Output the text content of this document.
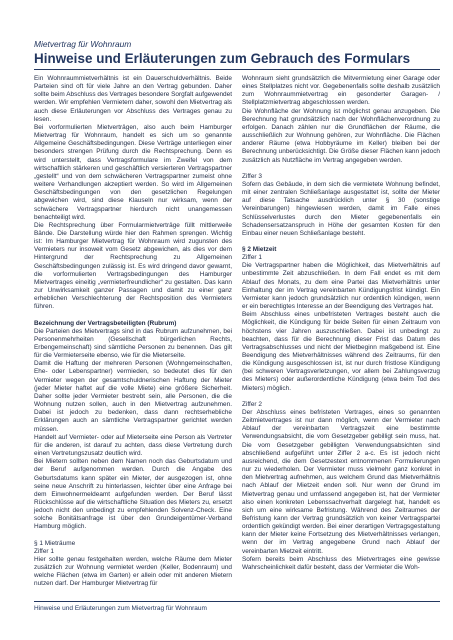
Mietvertrag für Wohnraum
Hinweise und Erläuterungen zum Gebrauch des Formulars

Ein Wohnraummietverhältnis ist ein Dauerschuldverhältnis. Beide Parteien sind oft für viele Jahre an den Vertrag gebunden. Daher sollte beim Abschluss des Vertrages besondere Sorgfalt aufgewendet werden. Wir empfehlen Vermietern daher, sowohl den Mietvertrag als auch diese Erläuterungen vor Abschluss des Vertrages genau zu lesen.

Bei vorformulierten Mietverträgen, also auch beim Hamburger Mietvertrag für Wohnraum, handelt es sich um so genannte Allgemeine Geschäftsbedingungen. Diese Verträge unterliegen einer besonders strengen Prüfung durch die Rechtsprechung. Denn es wird unterstellt, dass Vertragsformulare im Zweifel von dem wirtschaftlich stärkeren und geschäftlich versierteren Vertragspartner „gestellt“ und von dem schwächeren Vertragspartner zumeist ohne weitere Verhandlungen akzeptiert werden. So wird im Allgemeinen Geschäftsbedingungen von den gesetzlichen Regelungen abgewichen wird, sind diese Klauseln nur wirksam, wenn der schwächere Vertragspartner hierdurch nicht unangemessen benachteiligt wird.

Die Rechtsprechung über Formularmietverträge füllt mittlerweile Bände. Die Darstellung würde hier den Rahmen sprengen. Wichtig ist: Im Hamburger Mietvertrag für Wohnraum wird zugunsten des Vermieters nur insoweit vom Gesetz abgewichen, als dies vor dem Hintergrund der Rechtsprechung zu Allgemeinen Geschäftsbedingungen zulässig ist. Es wird dringend davor gewarnt, die vorformulierten Vertragsbedingungen des Hamburger Mietvertrages eineitig „vermieterfreundlicher“ zu gestalten. Das kann zur Unwirksamkeit ganzer Passagen und damit zu einer ganz erheblichen Verschlechterung der Rechtsposition des Vermieters führen.

Bezeichnung der Vertragsbeteiligten (Rubrum)

Die Parteien des Mietvertrags sind in das Rubrum aufzunehmen, bei Personenmehrheiten (Gesellschaft bürgerlichen Rechts, Erbengemeinschaft) sind sämtliche Personen zu benennen. Das gilt für die Vermieterseite ebenso, wie für die Mieterseite.

Damit die Haftung der mehreren Personen (Wohngemeinschaften, Ehe- oder Lebenspartner) vermieden, so bedeutet dies für den Vermieter wegen der gesamtschuldnerischen Haftung der Mieter (jeder Mieter haftet auf die volle Miete) eine größere Sicherheit. Daher sollte jeder Vermieter bestrebt sein, alle Personen, die die Wohnung nutzen sollen, auch in den Mietvertrag aufzunehmen. Dabei ist jedoch zu bedenken, dass dann rechtserhebliche Erklärungen auch an sämtliche Vertragspartner gerichtet werden müssen.

Handelt auf Vermieter- oder auf Mieterseite eine Person als Vertreter für die anderen, ist darauf zu achten, dass diese Vertretung durch einen Vertretungszusatz deutlich wird.

Bei Mietern sollten neben dem Namen noch das Geburtsdatum und der Beruf aufgenommen werden. Durch die Angabe des Geburtsdatums kann später ein Mieter, der ausgezogen ist, ohne seine neue Anschrift zu hinterlassen, leichter über eine Anfrage bei dem Einwohnermeldeamt aufgefunden werden. Der Beruf lässt Rückschlüsse auf die wirtschaftliche Situation des Mieters zu, ersetzt jedoch nicht den unbedingt zu empfehlenden Solvenz-Check. Eine solche Bonitätsanfrage ist über den Grundeigentümer-Verband Hamburg möglich.

§ 1 Mieträume

Ziffer 1

Hier sollte genau festgehalten werden, welche Räume dem Mieter zusätzlich zur Wohnung vermietet werden (Keller, Bodenraum) und welche Flächen (etwa im Garten) er allein oder mit anderen Mietern nutzen darf. Der Hamburger Mietvertrag für

Wohnraum sieht grundsätzlich die Mitvermietung einer Garage oder eines Stellplatzes nicht vor. Gegebenenfalls sollte deshalb zusätzlich zum Wohnraummietvertrag ein gesonderter Garagen- / Stellplatzmietvertrag abgeschlossen werden.

Die Wohnfläche der Wohnung ist möglichst genau anzugeben. Die Berechnung hat grundsätzlich nach der Wohnflächenverordnung zu erfolgen. Danach zählen nur die Grundflächen der Räume, die ausschließlich zur Wohnung gehören, zur Wohnfläche. Die Flächen anderer Räume (etwa Hobbyräume im Keller) bleiben bei der Berechnung unberücksichtigt. Die Größe dieser Flächen kann jedoch zusätzlich als Nutzfläche im Vertrag angegeben werden.

Ziffer 3

Sofern das Gebäude, in dem sich die vermietete Wohnung befindet, mit einer zentralen Schließanlage ausgestattet ist, sollte der Mieter auf diese Tatsache ausdrücklich unter § 30 (sonstige Vereinbarungen) hingewiesen werden, damit im Falle eines Schlüsselverlustes durch den Mieter gegebenenfalls ein Schadensersatzanspruch in Höhe der gesamten Kosten für den Einbau einer neuen Schließanlage besteht.

§ 2 Mietzeit

Ziffer 1

Die Vertragspartner haben die Möglichkeit, das Mietverhältnis auf unbestimmte Zeit abzuschließen. In dem Fall endet es mit dem Ablauf des Monats, zu dem eine Partei das Mietverhältnis unter Einhaltung der im Vertrag vereinbarten Kündigungsfrist kündigt. Ein Vermieter kann jedoch grundsätzlich nur ordentlich kündigen, wenn er ein berechtigtes Interesse an der Beendigung des Vertrages hat.

Beim Abschluss eines unbefristeten Vertrages besteht auch die Möglichkeit, die Kündigung für beide Seiten für einen Zeitraum von höchstens vier Jahren auszuschließen. Dabei ist unbedingt zu beachten, dass für die Berechnung dieser Frist das Datum des Vertragsabschlusses und nicht der Mietbeginn maßgebend ist. Eine Beendigung des Mietverhältnisses während des Zeitraums, für den die Kündigung ausgeschlossen ist, ist nur durch fristlose Kündigung (bei schweren Vertragsverletzungen, vor allem bei Zahlungsverzug des Mieters) oder außerordentliche Kündigung (etwa beim Tod des Mieters) möglich.

Ziffer 2

Der Abschluss eines befristeten Vertrages, eines so genannten Zeitmietvertrages ist nur dann möglich, wenn der Vermieter nach Ablauf der vereinbarten Vertragszeit eine bestimmte Verwendungsabsicht, die vom Gesetzgeber gebilligt sein muss, hat. Die vom Gesetzgeber gebilligten Verwendungsabsichten sind abschließend aufgeführt unter Ziffer 2 a-c. Es ist jedoch nicht ausreichend, die dem Gesetzestext entnommenen Formulierungen nur zu wiederholen. Der Vermieter muss vielmehr ganz konkret in den Mietvertrag aufnehmen, aus welchem Grund das Mietverhältnis nach Ablauf der Mietzeit enden soll. Nur wenn der Grund im Mietvertrag genau und umfassend angegeben ist, hat der Vermieter also einen konkreten Lebenssachverhalt dargelegt hat, handelt es sich um eine wirksame Befristung. Während des Zeitraumes der Befristung kann der Vertrag grundsätzlich von keiner Vertragspartei ordentlich gekündigt werden. Bei einer derartigen Vertragsgestaltung kann der Mieter keine Fortsetzung des Mietverhältnisses verlangen, wenn der im Vertrag angegebene Grund nach Ablauf der vereinbarten Mietzeit eintritt.

Sofern bereits beim Abschluss des Mietvertrages eine gewisse Wahrscheinlichkeit dafür besteht, dass der Vermieter die Woh-

Hinweise und Erläuterungen zum Mietvertrag für Wohnraum
